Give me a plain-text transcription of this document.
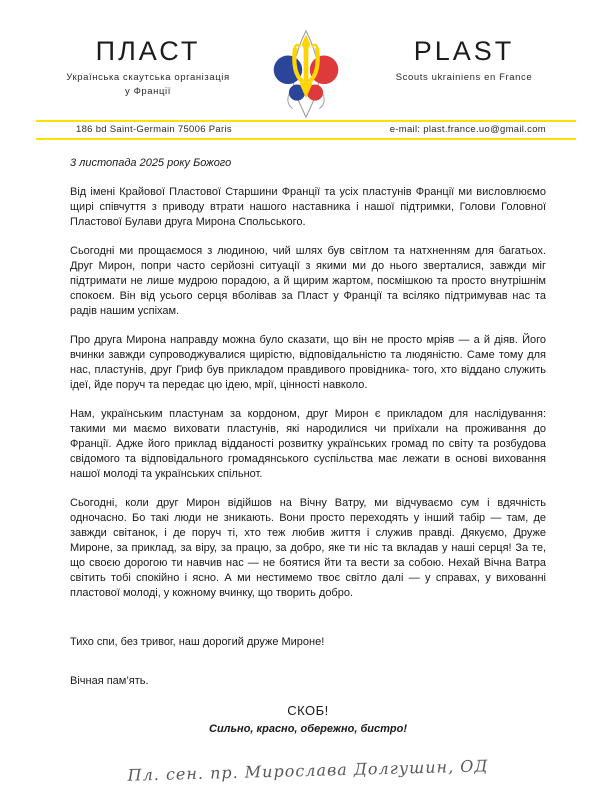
ПЛАСТ
Українська скаутська організація
у Франції
PLAST
Scouts ukrainiens en France
186 bd Saint-Germain 75006 Paris	e-mail: plast.france.uo@gmail.com

3 листопада 2025 року Божого

Від імені Крайової Пластової Старшини Франції та усіх пластунів Франції ми висловлюємо щирі співчуття з приводу втрати нашого наставника і нашої підтримки, Голови Головної Пластової Булави друга Мирона Спольського.

Сьогодні ми прощаємося з людиною, чий шлях був світлом та натхненням для багатьох. Друг Мирон, попри часто серйозні ситуації з якими ми до нього зверталися, завжди міг підтримати не лише мудрою порадою, а й щирим жартом, посмішкою та просто внутрішнім спокоєм. Він від усього серця вболівав за Пласт у Франції та всіляко підтримував нас та радів нашим успіхам.

Про друга Мирона направду можна було сказати, що він не просто мріяв — а й діяв. Його вчинки завжди супроводжувалися щирістю, відповідальністю та людяністю. Саме тому для нас, пластунів, друг Гриф був прикладом правдивого провідника- того, хто віддано служить ідеї, йде поруч та передає цю ідею, мрії, цінності навколо.

Нам, українським пластунам за кордоном, друг Мирон є прикладом для наслідування: такими ми маємо виховати пластунів, які народилися чи приїхали на проживання до Франції. Адже його приклад відданості розвитку українських громад по світу та розбудова свідомого та відповідального громадянського суспільства має лежати в основі виховання нашої молоді та українських спільнот.

Сьогодні, коли друг Мирон відійшов на Вічну Ватру, ми відчуваємо сум і вдячність одночасно. Бо такі люди не зникають. Вони просто переходять у інший табір — там, де завжди світанок, і де поруч ті, хто теж любив життя і служив правді. Дякуємо, Друже Мироне, за приклад, за віру, за працю, за добро, яке ти ніс та вкладав у наші серця! За те, що своєю дорогою ти навчив нас — не боятися йти та вести за собою. Нехай Вічна Ватра світить тобі спокійно і ясно. А ми нестимемо твоє світло далі — у справах, у вихованні пластової молоді, у кожному вчинку, що творить добро.

Тихо спи, без тривог, наш дорогий друже Мироне!

Вічная пам’ять.

СКОБ!

Сильно, красно, обережно, бистро!

Пл. сен. пр. Мирослава Долгушин, ОД
